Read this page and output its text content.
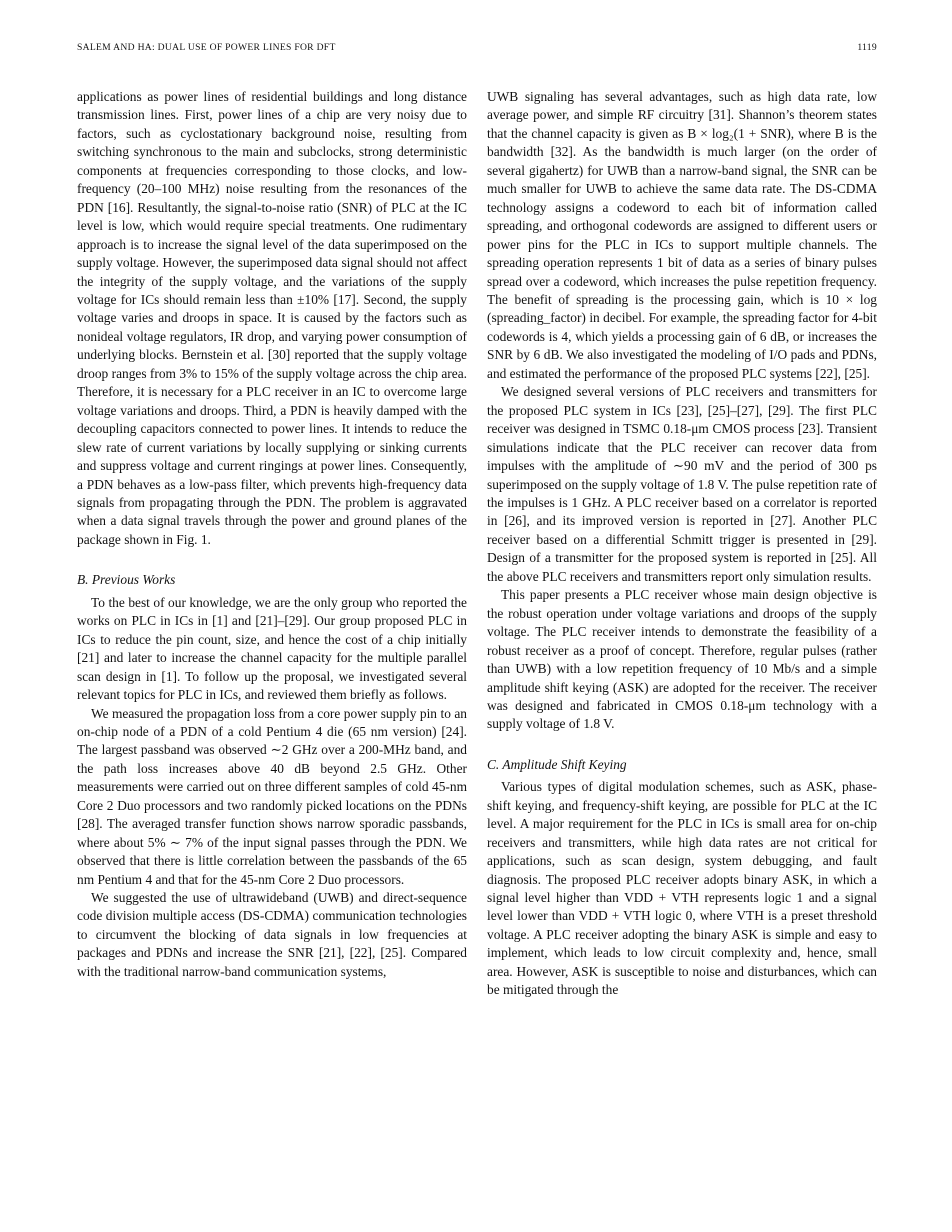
SALEM AND HA: DUAL USE OF POWER LINES FOR DFT	1119

applications as power lines of residential buildings and long distance transmission lines. First, power lines of a chip are very noisy due to factors, such as cyclostationary background noise, resulting from switching synchronous to the main and subclocks, strong deterministic components at frequencies corresponding to those clocks, and low-frequency (20–100 MHz) noise resulting from the resonances of the PDN [16]. Resultantly, the signal-to-noise ratio (SNR) of PLC at the IC level is low, which would require special treatments. One rudimentary approach is to increase the signal level of the data superimposed on the supply voltage. However, the superimposed data signal should not affect the integrity of the supply voltage, and the variations of the supply voltage for ICs should remain less than ±10% [17]. Second, the supply voltage varies and droops in space. It is caused by the factors such as nonideal voltage regulators, IR drop, and varying power consumption of underlying blocks. Bernstein et al. [30] reported that the supply voltage droop ranges from 3% to 15% of the supply voltage across the chip area. Therefore, it is necessary for a PLC receiver in an IC to overcome large voltage variations and droops. Third, a PDN is heavily damped with the decoupling capacitors connected to power lines. It intends to reduce the slew rate of current variations by locally supplying or sinking currents and suppress voltage and current ringings at power lines. Consequently, a PDN behaves as a low-pass filter, which prevents high-frequency data signals from propagating through the PDN. The problem is aggravated when a data signal travels through the power and ground planes of the package shown in Fig. 1.

B. Previous Works

To the best of our knowledge, we are the only group who reported the works on PLC in ICs in [1] and [21]–[29]. Our group proposed PLC in ICs to reduce the pin count, size, and hence the cost of a chip initially [21] and later to increase the channel capacity for the multiple parallel scan design in [1]. To follow up the proposal, we investigated several relevant topics for PLC in ICs, and reviewed them briefly as follows.

We measured the propagation loss from a core power supply pin to an on-chip node of a PDN of a cold Pentium 4 die (65 nm version) [24]. The largest passband was observed ∼2 GHz over a 200-MHz band, and the path loss increases above 40 dB beyond 2.5 GHz. Other measurements were carried out on three different samples of cold 45-nm Core 2 Duo processors and two randomly picked locations on the PDNs [28]. The averaged transfer function shows narrow sporadic passbands, where about 5% ∼ 7% of the input signal passes through the PDN. We observed that there is little correlation between the passbands of the 65 nm Pentium 4 and that for the 45-nm Core 2 Duo processors.

We suggested the use of ultrawideband (UWB) and direct-sequence code division multiple access (DS-CDMA) communication technologies to circumvent the blocking of data signals in low frequencies at packages and PDNs and increase the SNR [21], [22], [25]. Compared with the traditional narrow-band communication systems,

UWB signaling has several advantages, such as high data rate, low average power, and simple RF circuitry [31]. Shannon’s theorem states that the channel capacity is given as B × log₂(1 + SNR), where B is the bandwidth [32]. As the bandwidth is much larger (on the order of several gigahertz) for UWB than a narrow-band signal, the SNR can be much smaller for UWB to achieve the same data rate. The DS-CDMA technology assigns a codeword to each bit of information called spreading, and orthogonal codewords are assigned to different users or power pins for the PLC in ICs to support multiple channels. The spreading operation represents 1 bit of data as a series of binary pulses spread over a codeword, which increases the pulse repetition frequency. The benefit of spreading is the processing gain, which is 10 × log (spreading_factor) in decibel. For example, the spreading factor for 4-bit codewords is 4, which yields a processing gain of 6 dB, or increases the SNR by 6 dB. We also investigated the modeling of I/O pads and PDNs, and estimated the performance of the proposed PLC systems [22], [25].

We designed several versions of PLC receivers and transmitters for the proposed PLC system in ICs [23], [25]–[27], [29]. The first PLC receiver was designed in TSMC 0.18-μm CMOS process [23]. Transient simulations indicate that the PLC receiver can recover data from impulses with the amplitude of ∼90 mV and the period of 300 ps superimposed on the supply voltage of 1.8 V. The pulse repetition rate of the impulses is 1 GHz. A PLC receiver based on a correlator is reported in [26], and its improved version is reported in [27]. Another PLC receiver based on a differential Schmitt trigger is presented in [29]. Design of a transmitter for the proposed system is reported in [25]. All the above PLC receivers and transmitters report only simulation results.

This paper presents a PLC receiver whose main design objective is the robust operation under voltage variations and droops of the supply voltage. The PLC receiver intends to demonstrate the feasibility of a robust receiver as a proof of concept. Therefore, regular pulses (rather than UWB) with a low repetition frequency of 10 Mb/s and a simple amplitude shift keying (ASK) are adopted for the receiver. The receiver was designed and fabricated in CMOS 0.18-μm technology with a supply voltage of 1.8 V.

C. Amplitude Shift Keying

Various types of digital modulation schemes, such as ASK, phase-shift keying, and frequency-shift keying, are possible for PLC at the IC level. A major requirement for the PLC in ICs is small area for on-chip receivers and transmitters, while high data rates are not critical for applications, such as scan design, system debugging, and fault diagnosis. The proposed PLC receiver adopts binary ASK, in which a signal level higher than VDD + VTH represents logic 1 and a signal level lower than VDD + VTH logic 0, where VTH is a preset threshold voltage. A PLC receiver adopting the binary ASK is simple and easy to implement, which leads to low circuit complexity and, hence, small area. However, ASK is susceptible to noise and disturbances, which can be mitigated through the
